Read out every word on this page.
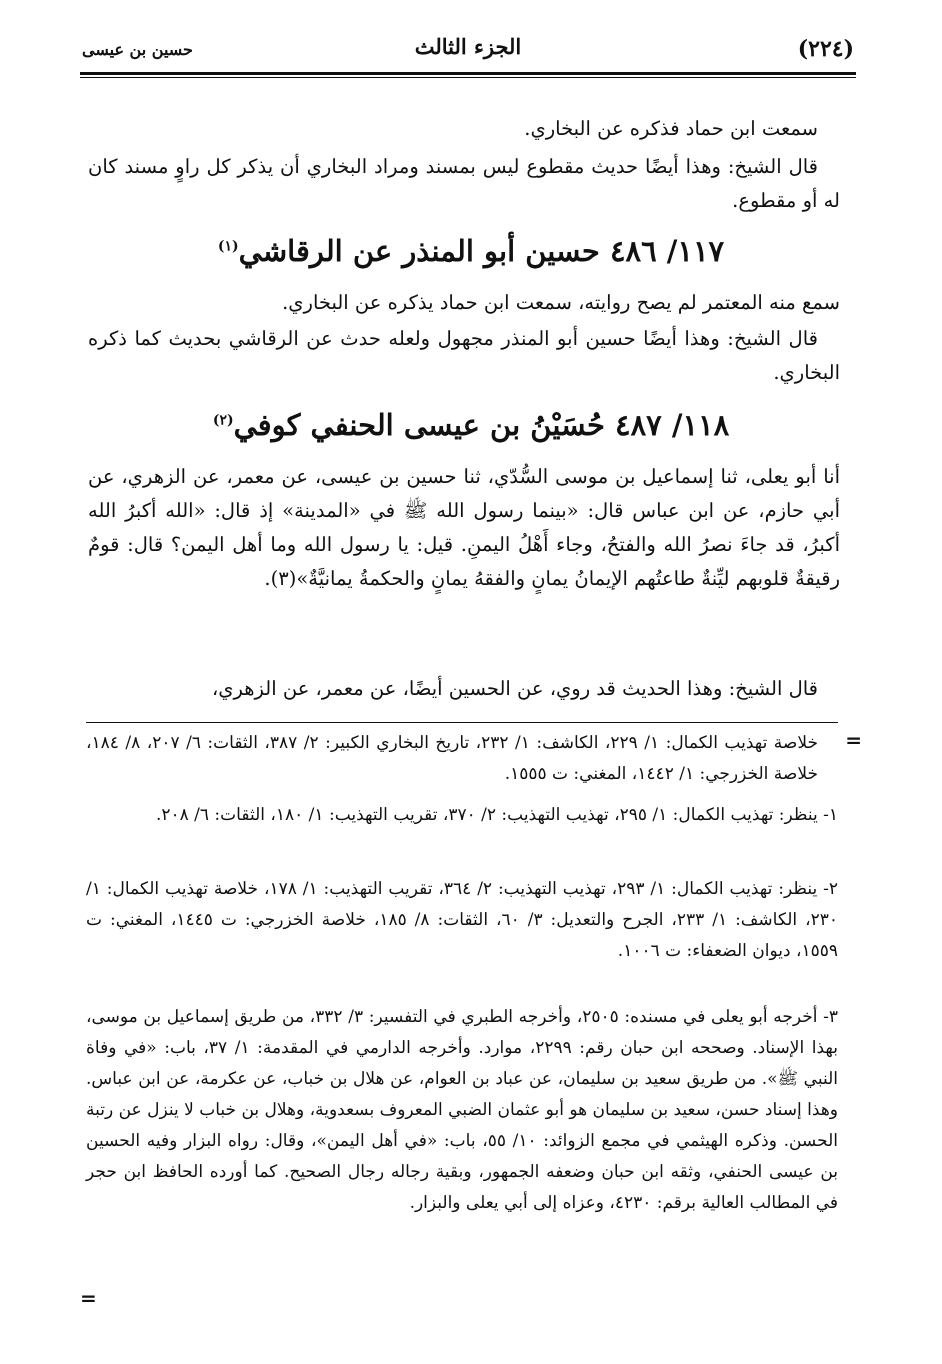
(٢٢٤)
الجزء الثالث
حسين بن عيسى
سمعت ابن حماد فذكره عن البخاري.
قال الشيخ: وهذا أيضًا حديث مقطوع ليس بمسند ومراد البخاري أن يذكر كل راوٍ مسند كان له أو مقطوع.
١١٧/ ٤٨٦ حسين أبو المنذر عن الرقاشي$^{(١)}$
سمع منه المعتمر لم يصح روايته، سمعت ابن حماد يذكره عن البخاري.
قال الشيخ: وهذا أيضًا حسين أبو المنذر مجهول ولعله حدث عن الرقاشي بحديث كما ذكره البخاري.
١١٨/ ٤٨٧ حُسَيْنُ بن عيسى الحنفي كوفي$^{(٢)}$
أنا أبو يعلى، ثنا إسماعيل بن موسى السُّدّي، ثنا حسين بن عيسى، عن معمر، عن الزهري، عن أبي حازم، عن ابن عباس قال: «بينما رسول الله ﷺ في «المدينة» إذ قال: «الله أكبرُ الله أكبرُ، قد جاءَ نصرُ الله والفتحُ، وجاء أَهْلُ اليمنِ. قيل: يا رسول الله وما أهل اليمن؟ قال: قومٌ رقيقةٌ قلوبهم ليِّنةٌ طاعتُهم الإيمانُ يمانٍ والفقهُ يمانٍ والحكمةُ يمانيَّةٌ»(٣).
قال الشيخ: وهذا الحديث قد روي، عن الحسين أيضًا، عن معمر، عن الزهري،
=
خلاصة تهذيب الكمال: ١/ ٢٢٩، الكاشف: ١/ ٢٣٢، تاريخ البخاري الكبير: ٢/ ٣٨٧، الثقات: ٦/ ٢٠٧، ٨/ ١٨٤، خلاصة الخزرجي: ١/ ١٤٤٢، المغني: ت ١٥٥٥.
١- ينظر: تهذيب الكمال: ١/ ٢٩٥، تهذيب التهذيب: ٢/ ٣٧٠، تقريب التهذيب: ١/ ١٨٠، الثقات: ٦/ ٢٠٨.
٢- ينظر: تهذيب الكمال: ١/ ٢٩٣، تهذيب التهذيب: ٢/ ٣٦٤، تقريب التهذيب: ١/ ١٧٨، خلاصة تهذيب الكمال: ١/ ٢٣٠، الكاشف: ١/ ٢٣٣، الجرح والتعديل: ٣/ ٦٠، الثقات: ٨/ ١٨٥، خلاصة الخزرجي: ت ١٤٤٥، المغني: ت ١٥٥٩، ديوان الضعفاء: ت ١٠٠٦.
٣- أخرجه أبو يعلى في مسنده: ٢٥٠٥، وأخرجه الطبري في التفسير: ٣/ ٣٣٢، من طريق إسماعيل بن موسى، بهذا الإسناد. وصححه ابن حبان رقم: ٢٢٩٩، موارد. وأخرجه الدارمي في المقدمة: ١/ ٣٧، باب: «في وفاة النبي ﷺ». من طريق سعيد بن سليمان، عن عباد بن العوام، عن هلال بن خباب، عن عكرمة، عن ابن عباس. وهذا إسناد حسن، سعيد بن سليمان هو أبو عثمان الضبي المعروف بسعدوية، وهلال بن خباب لا ينزل عن رتبة الحسن. وذكره الهيثمي في مجمع الزوائد: ١٠/ ٥٥، باب: «في أهل اليمن»، وقال: رواه البزار وفيه الحسين بن عيسى الحنفي، وثقه ابن حبان وضعفه الجمهور، وبقية رجاله رجال الصحيح. كما أورده الحافظ ابن حجر في المطالب العالية برقم: ٤٢٣٠، وعزاه إلى أبي يعلى والبزار.
=
